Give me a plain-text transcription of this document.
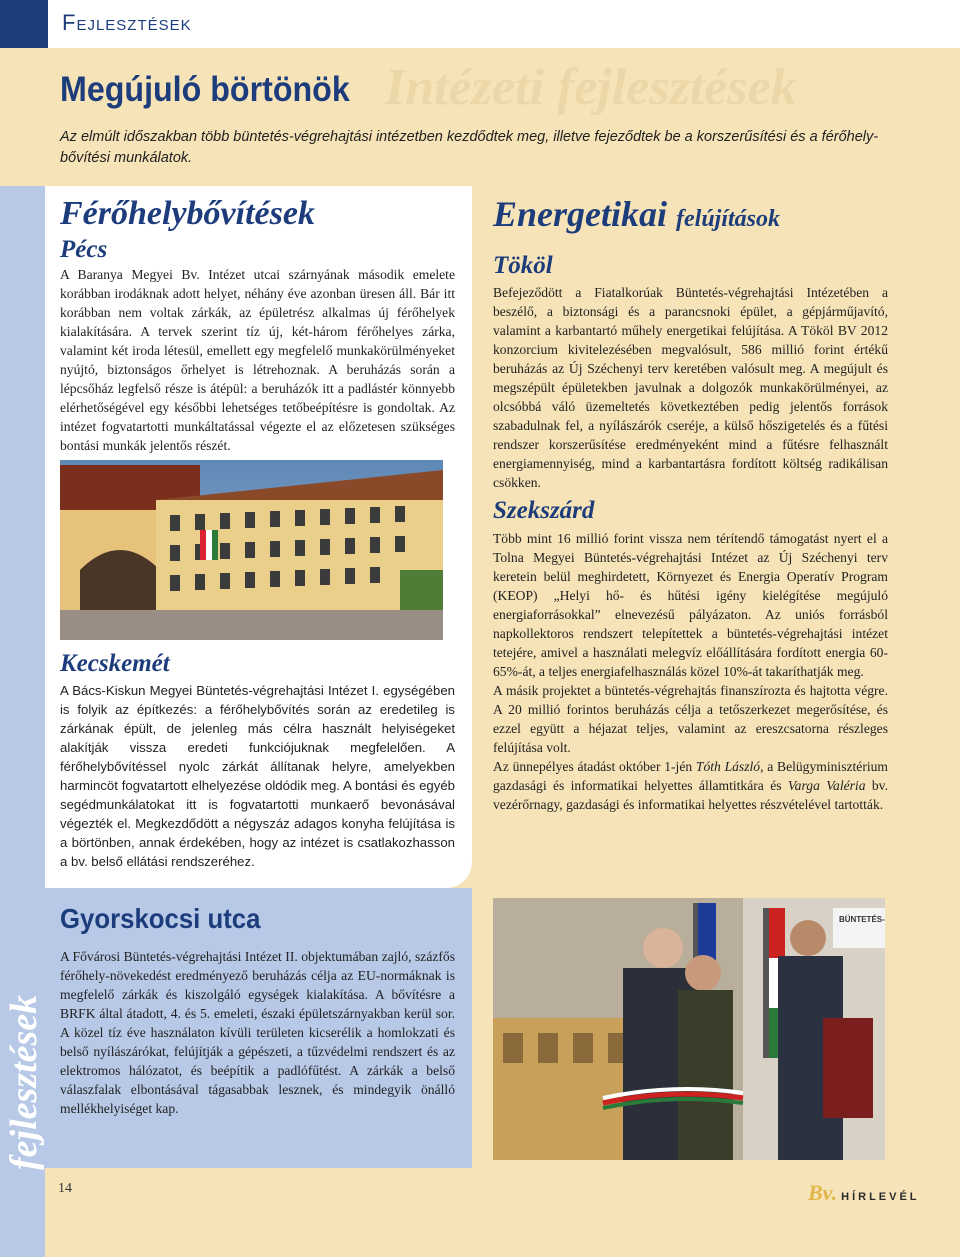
Fejlesztések
Intézeti fejlesztések
Megújuló börtönök

Az elmúlt időszakban több büntetés-végrehajtási intézetben kezdődtek meg, illetve fejeződtek be a korszerűsítési és a férőhely-bővítési munkálatok.

fejlesztések
Férőhelybővítések
Pécs

A Baranya Megyei Bv. Intézet utcai szárnyának második emelete korábban irodáknak adott helyet, néhány éve azonban üresen áll. Bár itt korábban nem voltak zárkák, az épületrész alkalmas új férőhelyek kialakítására. A tervek szerint tíz új, két-három férőhelyes zárka, valamint két iroda létesül, emellett egy megfelelő munkakörülményeket nyújtó, biztonságos őrhelyet is létrehoznak. A beruházás során a lépcsőház legfelső része is átépül: a beruházók itt a padlástér könnyebb elérhetőségével egy későbbi lehetséges tetőbeépítésre is gondoltak. Az intézet fogvatartotti munkáltatással végezte el az előzetesen szükséges bontási munkák jelentős részét.

Kecskemét

A Bács-Kiskun Megyei Büntetés-végrehajtási Intézet I. egységében is folyik az építkezés: a férőhelybővítés során az eredetileg is zárkának épült, de jelenleg más célra használt helyiségeket alakítják vissza eredeti funkciójuknak megfelelően. A férőhelybővítéssel nyolc zárkát állítanak helyre, amelyekben harmincöt fogvatartott elhelyezése oldódik meg. A bontási és egyéb segédmunkálatokat itt is fogvatartotti munkaerő bevonásával végezték el. Megkezdődött a négyszáz adagos konyha felújítása is a börtönben, annak érdekében, hogy az intézet is csatlakozhasson a bv. belső ellátási rendszeréhez.

Gyorskocsi utca

A Fővárosi Büntetés-végrehajtási Intézet II. objektumában zajló, százfős férőhely-növekedést eredményező beruházás célja az EU-normáknak is megfelelő zárkák és kiszolgáló egységek kialakítása. A bővítésre a BRFK által átadott, 4. és 5. emeleti, északi épületszárnyakban kerül sor. A közel tíz éve használaton kívüli területen kicserélik a homlokzati és belső nyílászárókat, felújítják a gépészeti, a tűzvédelmi rendszert és az elektromos hálózatot, és beépítik a padlófűtést. A zárkák a belső válaszfalak elbontásával tágasabbak lesznek, és mindegyik önálló mellékhelyiséget kap.

Energetikai felújítások
Tököl

Befejeződött a Fiatalkorúak Büntetés-végrehajtási Intézetében a beszélő, a biztonsági és a parancsnoki épület, a gépjárműjavító, valamint a karbantartó műhely energetikai felújítása. A Tököl BV 2012 konzorcium kivitelezésében megvalósult, 586 millió forint értékű beruházás az Új Széchenyi terv keretében valósult meg. A megújult és megszépült épületekben javulnak a dolgozók munkakörülményei, az olcsóbbá váló üzemeltetés következtében pedig jelentős források szabadulnak fel, a nyílászárók cseréje, a külső hőszigetelés és a fűtési rendszer korszerűsítése eredményeként mind a fűtésre felhasznált energiamennyiség, mind a karbantartásra fordított költség radikálisan csökken.

Szekszárd

Több mint 16 millió forint vissza nem térítendő támogatást nyert el a Tolna Megyei Büntetés-végrehajtási Intézet az Új Széchenyi terv keretein belül meghirdetett, Környezet és Energia Operatív Program (KEOP) „Helyi hő- és hűtési igény kielégítése megújuló energiaforrásokkal” elnevezésű pályázaton. Az uniós forrásból napkollektoros rendszert telepítettek a büntetés-végrehajtási intézet tetejére, amivel a használati melegvíz előállítására fordított energia 60-65%-át, a teljes energiafelhasználás közel 10%-át takaríthatják meg.

A másik projektet a büntetés-végrehajtás finanszírozta és hajtotta végre. A 20 millió forintos beruházás célja a tetőszerkezet megerősítése, és ezzel együtt a héjazat teljes, valamint az ereszcsatorna részleges felújítása volt.

Az ünnepélyes átadást október 1-jén Tóth László, a Belügyminisztérium gazdasági és informatikai helyettes államtitkára és Varga Valéria bv. vezérőrnagy, gazdasági és informatikai helyettes részvételével tartották.

BÜNTETÉS-
14	Bv. HÍRLEVÉL
